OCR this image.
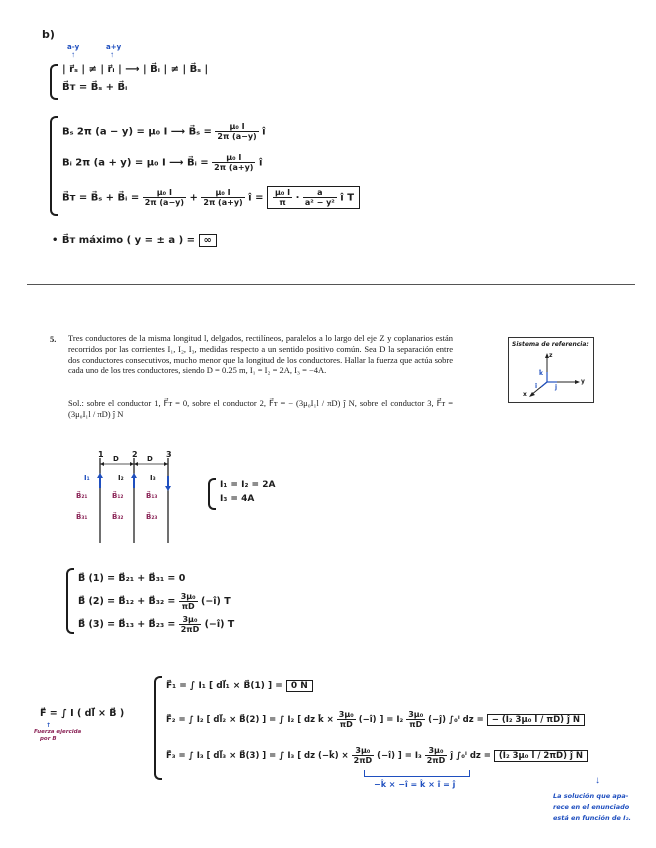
b)
a-y	a+y
↑	↑
| r⃗ₛ | ≠ | r⃗ᵢ | ⟶ | B⃗ᵢ | ≠ | B⃗ₛ |
B⃗ᴛ = B⃗ₛ + B⃗ᵢ
Bₛ 2π (a − y) = μ₀ I ⟶ B⃗ₛ = $\frac{\text{μ₀ I}}{2\pi (a-y)}$ î
Bᵢ 2π (a + y) = μ₀ I ⟶ B⃗ᵢ = $\frac{\text{μ₀ I}}{2\pi (a+y)}$ î
B⃗ᴛ = B⃗ₛ + B⃗ᵢ = $\frac{\text{μ₀ I}}{2\pi (a-y)} + \frac{\text{μ₀ I}}{2\pi (a+y)}$ î = $\frac{\text{μ₀ I}}{\pi} \cdot \frac{a}{\text{a² − y²}}$ î T
• B⃗ᴛ máximo ( y = ± a ) = ∞
5. Tres conductores de la misma longitud l, delgados, rectilíneos, paralelos a lo largo del eje Z y coplanarios están recorridos por las corrientes I₁, I₂, I₃, medidas respecto a un sentido positivo común. Sea D la separación entre dos conductores consecutivos, mucho menor que la longitud de los conductores. Hallar la fuerza que actúa sobre cada uno de los tres conductores, siendo D = 0.25 m, I₁ = I₂ = 2A, I₃ = −4A.
Sol.: sobre el conductor 1, F⃗ᴛ = 0, sobre el conductor 2, F⃗ᴛ = − (3μ₀I₁l / πD) ĵ N, sobre el conductor 3, F⃗ᴛ = (3μ₀I₁l / πD) ĵ N
Sistema de referencia:
z
y
x
k̂
ĵ
î
1	2	3
D	D
I₁	I₂	I₃
B⃗₂₁	B⃗₁₂	B⃗₁₃
B⃗₃₁	B⃗₃₂	B⃗₂₃
I₁ = I₂ = 2A
I₃ = 4A
B⃗ (1) = B⃗₂₁ + B⃗₃₁ = 0
B⃗ (2) = B⃗₁₂ + B⃗₃₂ = $\frac{\text{3μ₀}}{\pi D}$ (−î) T
B⃗ (3) = B⃗₁₃ + B⃗₂₃ = $\frac{\text{3μ₀}}{2\pi D}$ (−î) T
F⃗ = ∫ I ( dl⃗ × B⃗ )
↑
Fuerza ejercida
por B
F⃗₁ = ∫ I₁ [ dl⃗₁ × B⃗(1) ] = 0 N
F⃗₂ = ∫ I₂ [ dl⃗₂ × B⃗(2) ] = ∫ I₂ [ dz k̂ × $\frac{\text{3μ₀}}{\pi D}$ (−î) ] = $I_2 \frac{\text{3μ₀}}{\pi D}$ (−ĵ) ∫₀ˡ dz = − (I₂ 3μ₀ l / πD) ĵ N
F⃗₃ = ∫ I₃ [ dl⃗₃ × B⃗(3) ] = ∫ I₃ [ dz (−k̂) × $\frac{\text{3μ₀}}{2\pi D}$ (−î) ] = $I_3 \frac{\text{3μ₀}}{2\pi D}$ ĵ ∫₀ˡ dz = (I₂ 3μ₀ l / 2πD) ĵ N
−k̂ × −î = k̂ × î = ĵ	↓
La solución que apa-
rece en el enunciado
está en función de I₂.
